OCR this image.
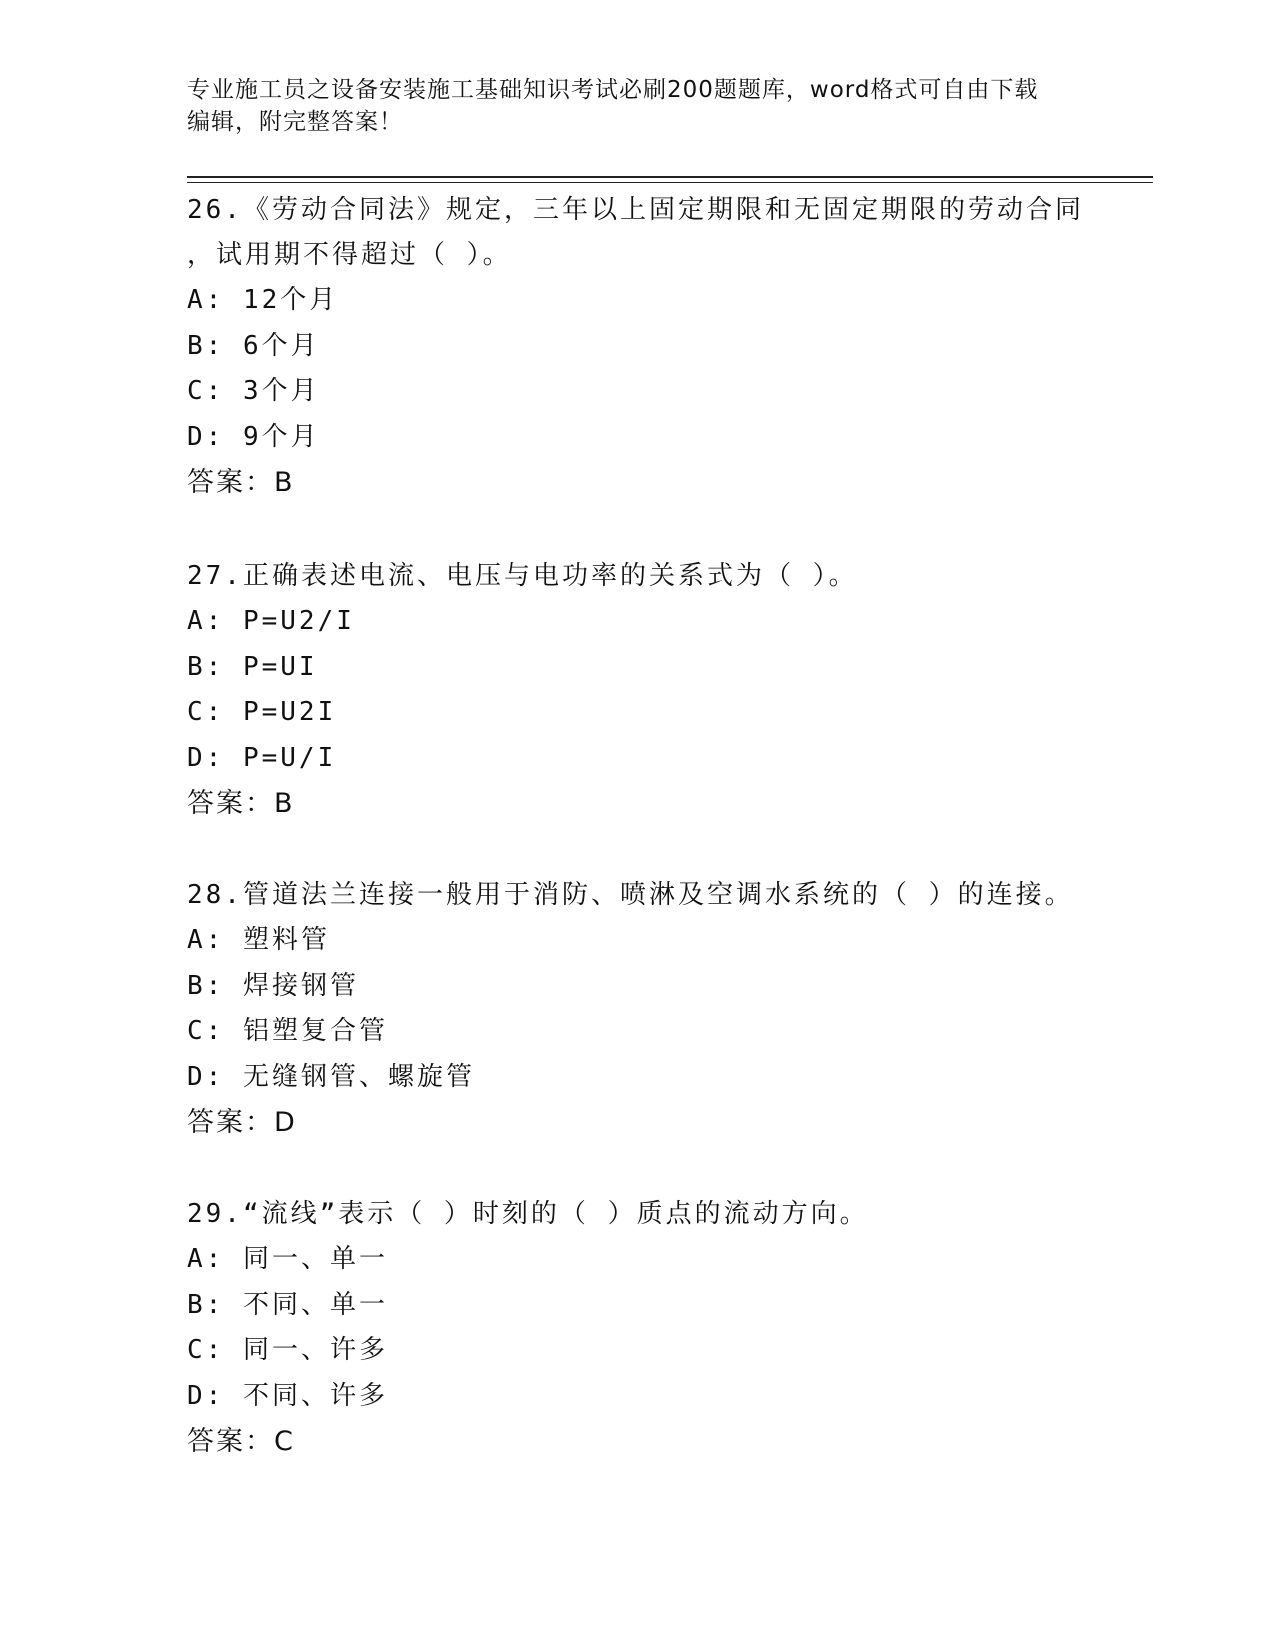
专业施工员之设备安装施工基础知识考试必刷200题题库，word格式可自由下载
编辑，附完整答案！

26.《劳动合同法》规定，三年以上固定期限和无固定期限的劳动合同

，试用期不得超过（ ）。

A: 12个月

B: 6个月

C: 3个月

D: 9个月

答案：B

27.正确表述电流、电压与电功率的关系式为（ ）。

A: P=U2/I

B: P=UI

C: P=U2I

D: P=U/I

答案：B

28.管道法兰连接一般用于消防、喷淋及空调水系统的（ ）的连接。

A: 塑料管

B: 焊接钢管

C: 铝塑复合管

D: 无缝钢管、螺旋管

答案：D

29.“流线”表示（ ）时刻的（ ）质点的流动方向。

A: 同一、单一

B: 不同、单一

C: 同一、许多

D: 不同、许多

答案：C
